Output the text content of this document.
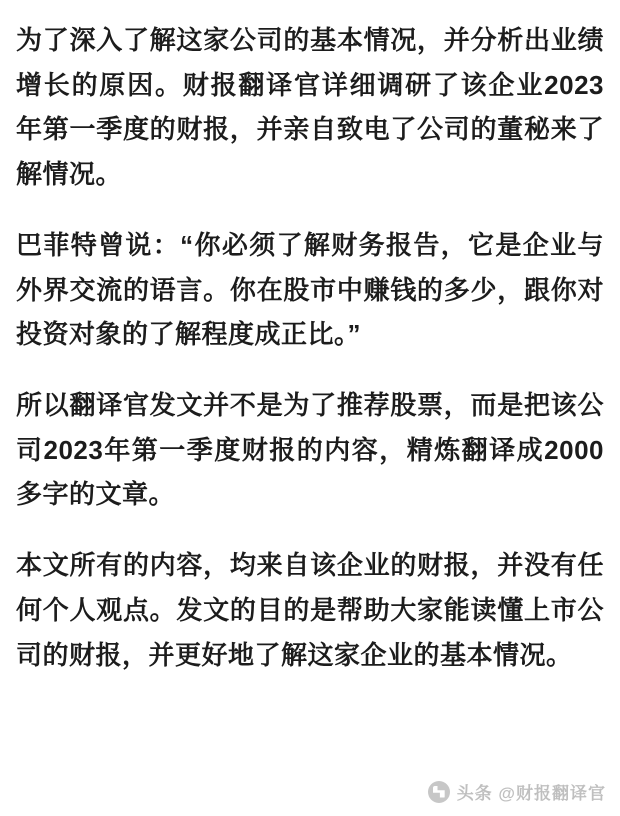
为了深入了解这家公司的基本情况，并分析出业绩增长的原因。财报翻译官详细调研了该企业2023年第一季度的财报，并亲自致电了公司的董秘来了解情况。

巴菲特曾说：“你必须了解财务报告，它是企业与外界交流的语言。你在股市中赚钱的多少，跟你对投资对象的了解程度成正比。”

所以翻译官发文并不是为了推荐股票，而是把该公司2023年第一季度财报的内容，精炼翻译成2000多字的文章。

本文所有的内容，均来自该企业的财报，并没有任何个人观点。发文的目的是帮助大家能读懂上市公司的财报，并更好地了解这家企业的基本情况。

头条 @财报翻译官
